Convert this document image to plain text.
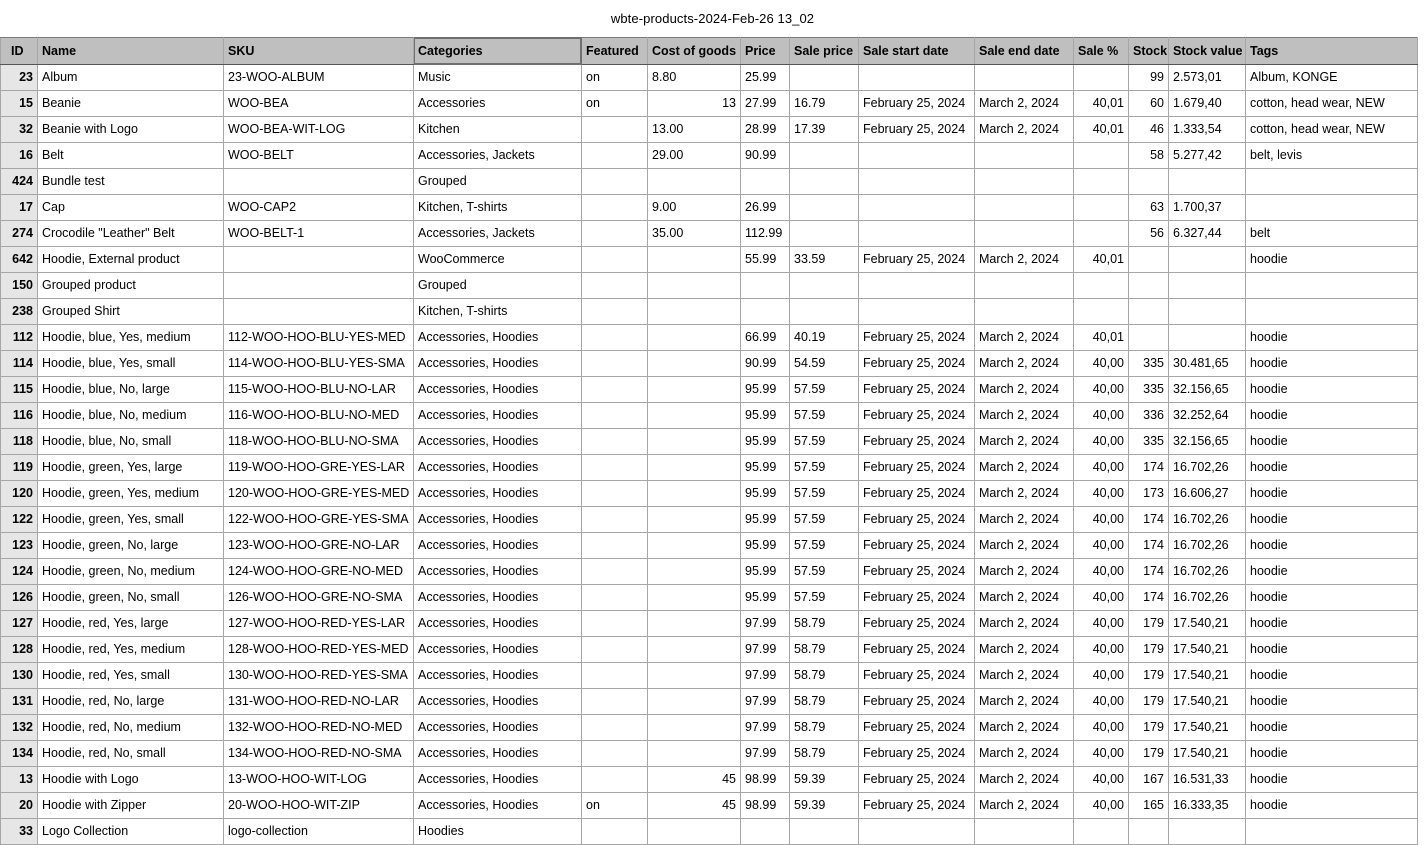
wbte-products-2024-Feb-26 13_02
ID	Name	SKU	Categories	Featured	Cost of goods	Price	Sale price	Sale start date	Sale end date	Sale %	Stock	Stock value	Tags
23	Album	23-WOO-ALBUM	Music	on	8.80	25.99					99	2.573,01	Album, KONGE
15	Beanie	WOO-BEA	Accessories	on	13	27.99	16.79	February 25, 2024	March 2, 2024	40,01	60	1.679,40	cotton, head wear, NEW
32	Beanie with Logo	WOO-BEA-WIT-LOG	Kitchen		13.00	28.99	17.39	February 25, 2024	March 2, 2024	40,01	46	1.333,54	cotton, head wear, NEW
16	Belt	WOO-BELT	Accessories, Jackets		29.00	90.99					58	5.277,42	belt, levis
424	Bundle test		Grouped										
17	Cap	WOO-CAP2	Kitchen, T-shirts		9.00	26.99					63	1.700,37	
274	Crocodile "Leather" Belt	WOO-BELT-1	Accessories, Jackets		35.00	112.99					56	6.327,44	belt
642	Hoodie, External product		WooCommerce			55.99	33.59	February 25, 2024	March 2, 2024	40,01			hoodie
150	Grouped product		Grouped										
238	Grouped Shirt		Kitchen, T-shirts										
112	Hoodie, blue, Yes, medium	112-WOO-HOO-BLU-YES-MED	Accessories, Hoodies			66.99	40.19	February 25, 2024	March 2, 2024	40,01			hoodie
114	Hoodie, blue, Yes, small	114-WOO-HOO-BLU-YES-SMA	Accessories, Hoodies			90.99	54.59	February 25, 2024	March 2, 2024	40,00	335	30.481,65	hoodie
115	Hoodie, blue, No, large	115-WOO-HOO-BLU-NO-LAR	Accessories, Hoodies			95.99	57.59	February 25, 2024	March 2, 2024	40,00	335	32.156,65	hoodie
116	Hoodie, blue, No, medium	116-WOO-HOO-BLU-NO-MED	Accessories, Hoodies			95.99	57.59	February 25, 2024	March 2, 2024	40,00	336	32.252,64	hoodie
118	Hoodie, blue, No, small	118-WOO-HOO-BLU-NO-SMA	Accessories, Hoodies			95.99	57.59	February 25, 2024	March 2, 2024	40,00	335	32.156,65	hoodie
119	Hoodie, green, Yes, large	119-WOO-HOO-GRE-YES-LAR	Accessories, Hoodies			95.99	57.59	February 25, 2024	March 2, 2024	40,00	174	16.702,26	hoodie
120	Hoodie, green, Yes, medium	120-WOO-HOO-GRE-YES-MED	Accessories, Hoodies			95.99	57.59	February 25, 2024	March 2, 2024	40,00	173	16.606,27	hoodie
122	Hoodie, green, Yes, small	122-WOO-HOO-GRE-YES-SMA	Accessories, Hoodies			95.99	57.59	February 25, 2024	March 2, 2024	40,00	174	16.702,26	hoodie
123	Hoodie, green, No, large	123-WOO-HOO-GRE-NO-LAR	Accessories, Hoodies			95.99	57.59	February 25, 2024	March 2, 2024	40,00	174	16.702,26	hoodie
124	Hoodie, green, No, medium	124-WOO-HOO-GRE-NO-MED	Accessories, Hoodies			95.99	57.59	February 25, 2024	March 2, 2024	40,00	174	16.702,26	hoodie
126	Hoodie, green, No, small	126-WOO-HOO-GRE-NO-SMA	Accessories, Hoodies			95.99	57.59	February 25, 2024	March 2, 2024	40,00	174	16.702,26	hoodie
127	Hoodie, red, Yes, large	127-WOO-HOO-RED-YES-LAR	Accessories, Hoodies			97.99	58.79	February 25, 2024	March 2, 2024	40,00	179	17.540,21	hoodie
128	Hoodie, red, Yes, medium	128-WOO-HOO-RED-YES-MED	Accessories, Hoodies			97.99	58.79	February 25, 2024	March 2, 2024	40,00	179	17.540,21	hoodie
130	Hoodie, red, Yes, small	130-WOO-HOO-RED-YES-SMA	Accessories, Hoodies			97.99	58.79	February 25, 2024	March 2, 2024	40,00	179	17.540,21	hoodie
131	Hoodie, red, No, large	131-WOO-HOO-RED-NO-LAR	Accessories, Hoodies			97.99	58.79	February 25, 2024	March 2, 2024	40,00	179	17.540,21	hoodie
132	Hoodie, red, No, medium	132-WOO-HOO-RED-NO-MED	Accessories, Hoodies			97.99	58.79	February 25, 2024	March 2, 2024	40,00	179	17.540,21	hoodie
134	Hoodie, red, No, small	134-WOO-HOO-RED-NO-SMA	Accessories, Hoodies			97.99	58.79	February 25, 2024	March 2, 2024	40,00	179	17.540,21	hoodie
13	Hoodie with Logo	13-WOO-HOO-WIT-LOG	Accessories, Hoodies		45	98.99	59.39	February 25, 2024	March 2, 2024	40,00	167	16.531,33	hoodie
20	Hoodie with Zipper	20-WOO-HOO-WIT-ZIP	Accessories, Hoodies	on	45	98.99	59.39	February 25, 2024	March 2, 2024	40,00	165	16.333,35	hoodie
33	Logo Collection	logo-collection	Hoodies										
